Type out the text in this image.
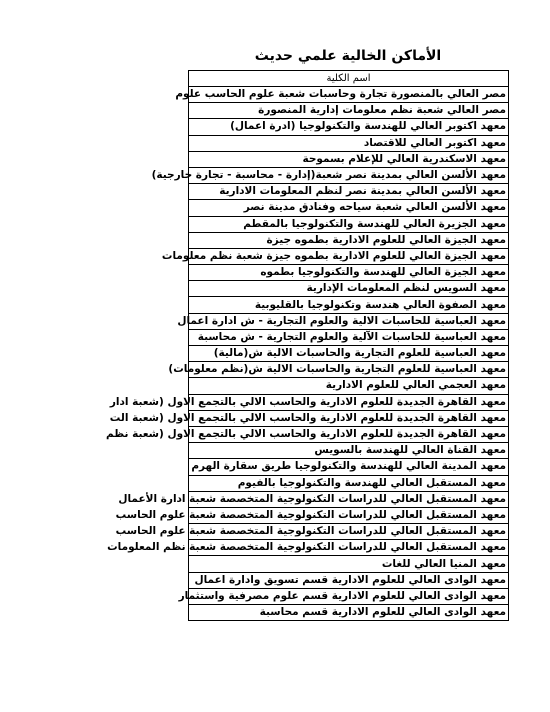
الأماكن الخالية علمي حديث
اسم الكلية
مصر العالي بالمنصورة تجارة وحاسبات شعبة علوم الحاسب علوم
مصر العالي شعبة نظم معلومات إدارية المنصورة
معهد اكتوبر العالي للهندسة والتكنولوجيا (ادرة اعمال)
معهد اكتوبر العالي للاقتصاد
معهد الاسكندرية العالي للإعلام بسموحة
معهد الألسن العالي بمدينة نصر شعبة(إدارة - محاسبة - تجارة خارجية)
معهد الألسن العالي بمدينة نصر لنظم المعلومات الادارية
معهد الألسن العالي شعبة سياحه وفنادق مدينة نصر
معهد الجزيرة العالي للهندسة والتكنولوجيا بالمقطم
معهد الجيزة العالي للعلوم الادارية بطموه جيزة
معهد الجيزة العالي للعلوم الادارية بطموه جيزة شعبة نظم معلومات
معهد الجيزة العالي للهندسة والتكنولوجيا بطموه
معهد السويس لنظم المعلومات الإدارية
معهد الصفوة العالي هندسة وتكنولوجيا بالقليوبية
معهد العباسية للحاسبات الالية والعلوم التجارية - ش ادارة اعمال
معهد العباسية للحاسبات الآلية والعلوم التجارية - ش محاسبة
معهد العباسية للعلوم التجارية والحاسبات الالية ش(مالية)
معهد العباسية للعلوم التجارية والحاسبات الالية ش(نظم معلومات)
معهد العجمي العالي للعلوم الادارية
معهد القاهرة الجديدة للعلوم الادارية والحاسب الالي بالتجمع الاول (شعبة ادار
معهد القاهرة الجديدة للعلوم الادارية والحاسب الالي بالتجمع الاول (شعبة الت
معهد القاهرة الجديدة للعلوم الادارية والحاسب الالي بالتجمع الاول (شعبة نظم
معهد القناة العالي للهندسة بالسويس
معهد المدينة العالي للهندسة والتكنولوجيا طريق سقارة الهرم
معهد المستقبل العالي للهندسة والتكنولوجيا بالفيوم
معهد المستقبل العالي للدراسات التكنولوجية المتخصصة شعبة ادارة الأعمال
معهد المستقبل العالي للدراسات التكنولوجية المتخصصة شعبة علوم الحاسب
معهد المستقبل العالي للدراسات التكنولوجية المتخصصة شعبة علوم الحاسب
معهد المستقبل العالي للدراسات التكنولوجية المتخصصة شعبة نظم المعلومات
معهد المنيا العالي للغات
معهد الوادى العالي للعلوم الادارية قسم تسويق وادارة اعمال
معهد الوادى العالي للعلوم الادارية قسم علوم مصرفية واستثمار
معهد الوادى العالي للعلوم الادارية قسم محاسبة
